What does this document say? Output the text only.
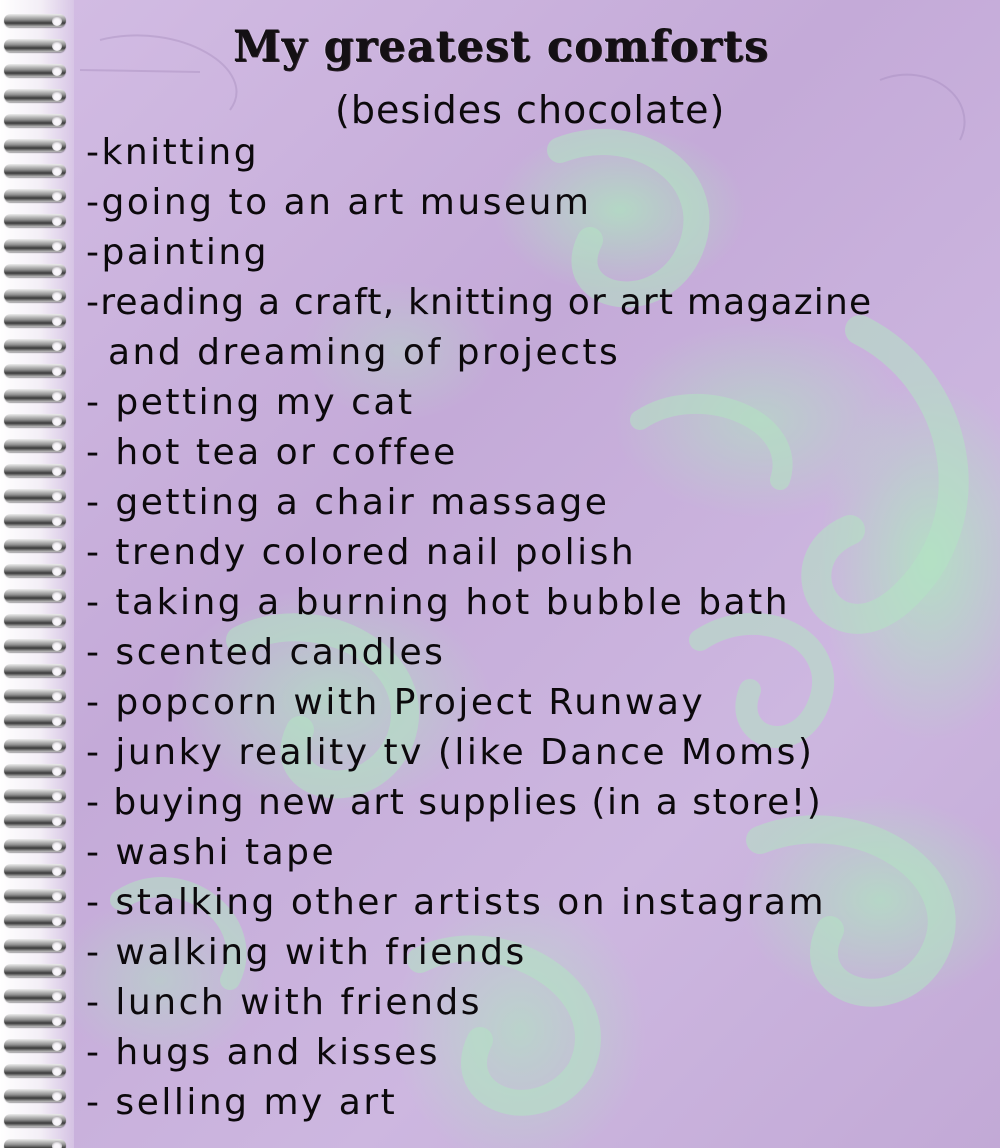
My greatest comforts
(besides chocolate)
-knitting
-going to an art museum
-painting
-reading a craft, knitting or art magazine
and dreaming of projects
- petting my cat
- hot tea or coffee
- getting a chair massage
- trendy colored nail polish
- taking a burning hot bubble bath
- scented candles
- popcorn with Project Runway
- junky reality tv (like Dance Moms)
- buying new art supplies (in a store!)
- washi tape
- stalking other artists on instagram
- walking with friends
- lunch with friends
- hugs and kisses
- selling my art
